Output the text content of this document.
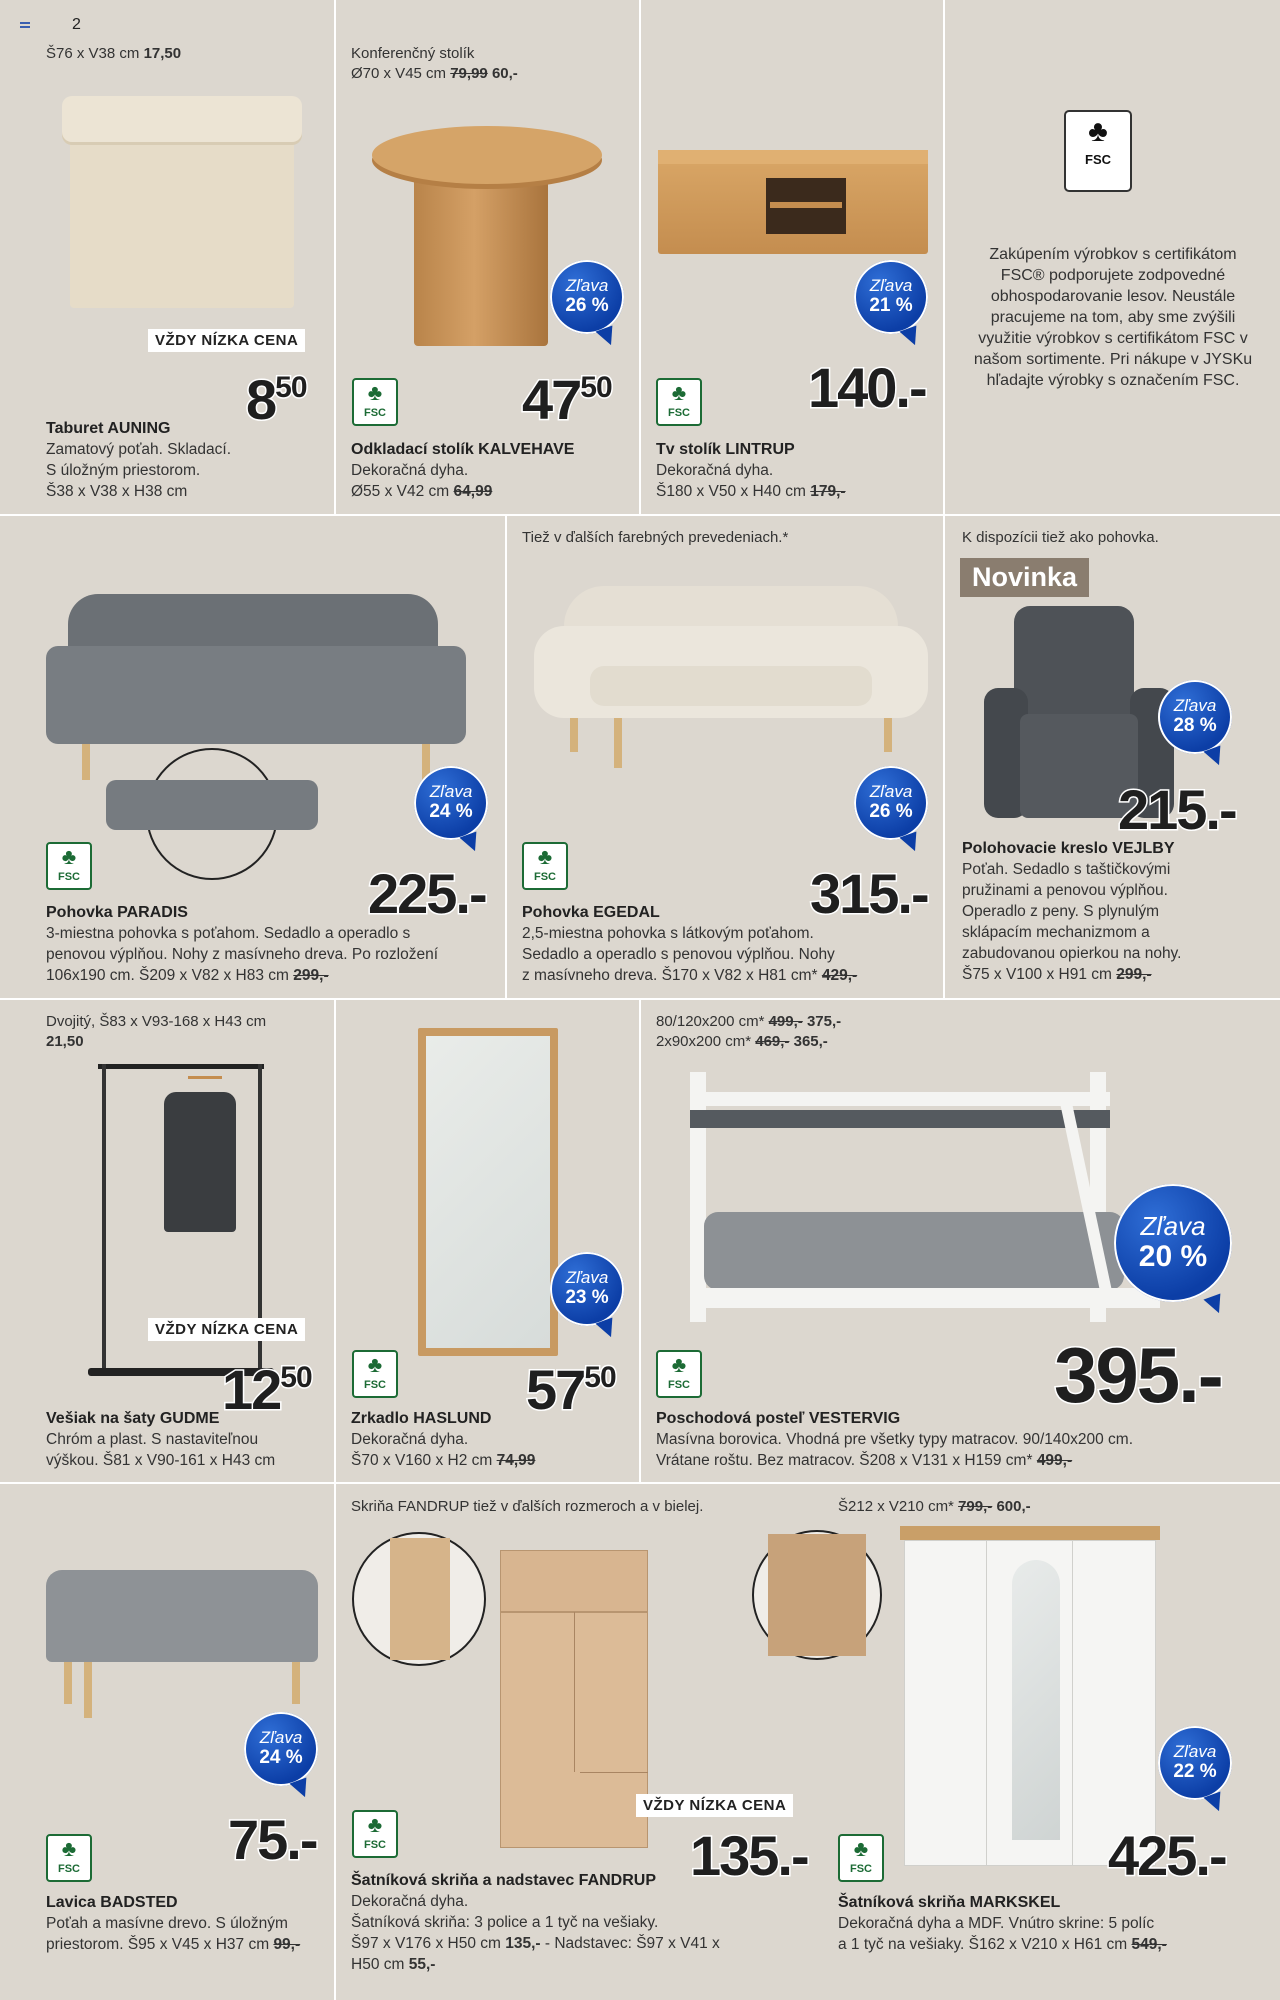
2
Š76 x V38 cm 17,50
VŽDY NÍZKA CENA
$8^{50}$
Taburet AUNING
Zamatový poťah. Skladací.
S úložným priestorom.
Š38 x V38 x H38 cm
Konferenčný stolík
Ø70 x V45 cm 79,99 60,-
Zľava
26 %
♣
FSC $47^{50}$
Odkladací stolík KALVEHAVE
Dekoračná dyha.
Ø55 x V42 cm 64,99
Zľava
21 %
♣
FSC 140.-
Tv stolík LINTRUP
Dekoračná dyha.
Š180 x V50 x H40 cm 179,-
♣
FSC
Zakúpením výrobkov s certifikátom FSC® podporujete zodpovedné obhospodarovanie lesov. Neustále pracujeme na tom, aby sme zvýšili využitie výrobkov s certifikátom FSC v našom sortimente. Pri nákupe v JYSKu hľadajte výrobky s označením FSC.
Zľava
24 %
♣
FSC	225.-
Pohovka PARADIS
3-miestna pohovka s poťahom. Sedadlo a operadlo s
penovou výplňou. Nohy z masívneho dreva. Po rozložení
106x190 cm. Š209 x V82 x H83 cm 299,-
Tiež v ďalších farebných prevedeniach.*
Zľava
26 %
♣
FSC	315.-
Pohovka EGEDAL
2,5-miestna pohovka s látkovým poťahom.
Sedadlo a operadlo s penovou výplňou. Nohy
z masívneho dreva. Š170 x V82 x H81 cm* 429,-
K dispozícii tiež ako pohovka.
Novinka
Zľava
28 %
215.-
Polohovacie kreslo VEJLBY
Poťah. Sedadlo s taštičkovými
pružinami a penovou výplňou.
Operadlo z peny. S plynulým
sklápacím mechanizmom a
zabudovanou opierkou na nohy.
Š75 x V100 x H91 cm 299,-
Dvojitý, Š83 x V93-168 x H43 cm
21,50
VŽDY NÍZKA CENA
$12^{50}$
Vešiak na šaty GUDME
Chróm a plast. S nastaviteľnou
výškou. Š81 x V90-161 x H43 cm
Zľava
23 %
♣
FSC	$57^{50}$
Zrkadlo HASLUND
Dekoračná dyha.
Š70 x V160 x H2 cm 74,99
80/120x200 cm* 499,- 375,-
2x90x200 cm* 469,- 365,-
Zľava
20 %
♣
FSC	395.-
Poschodová posteľ VESTERVIG
Masívna borovica. Vhodná pre všetky typy matracov. 90/140x200 cm.
Vrátane roštu. Bez matracov. Š208 x V131 x H159 cm* 499,-
Zľava
24 %
♣
FSC	75.-
Lavica BADSTED
Poťah a masívne drevo. S úložným
priestorom. Š95 x V45 x H37 cm 99,-
Skriňa FANDRUP tiež v ďalších rozmeroch a v bielej.
VŽDY NÍZKA CENA
♣
FSC	135.-
Šatníková skriňa a nadstavec FANDRUP
Dekoračná dyha.
Šatníková skriňa: 3 police a 1 tyč na vešiaky.
Š97 x V176 x H50 cm 135,- - Nadstavec: Š97 x V41 x H50 cm 55,-
Š212 x V210 cm* 799,- 600,-
Zľava
22 %
♣
FSC	425.-
Šatníková skriňa MARKSKEL
Dekoračná dyha a MDF. Vnútro skrine: 5 políc
a 1 tyč na vešiaky. Š162 x V210 x H61 cm 549,-
